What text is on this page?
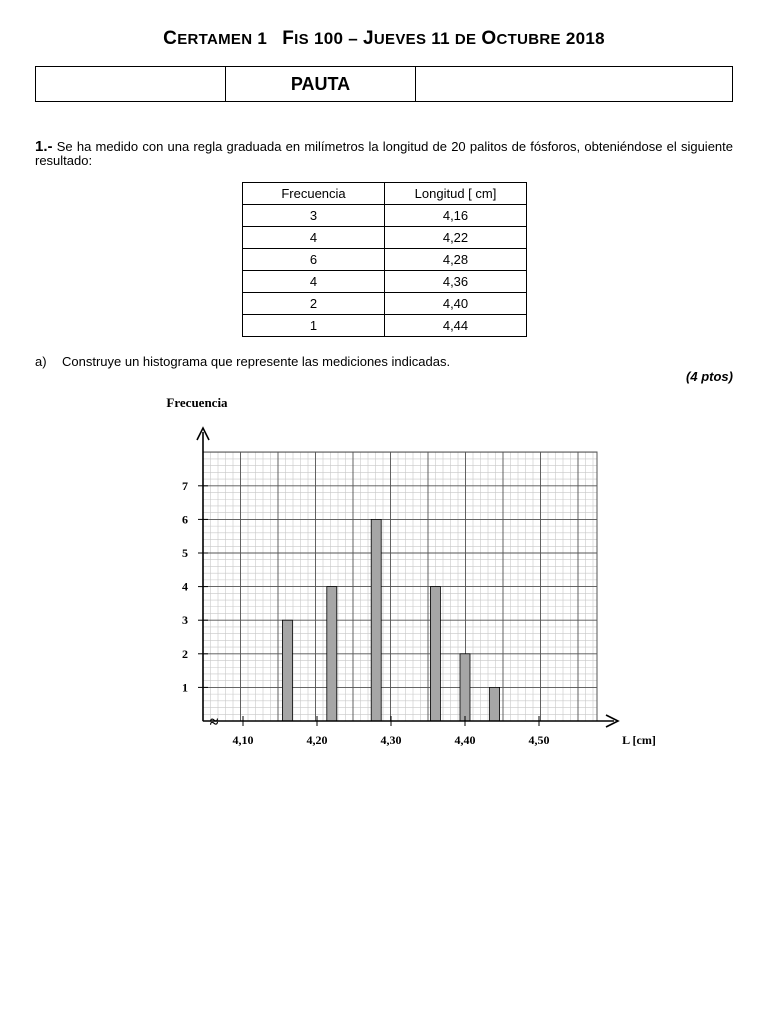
CERTAMEN 1 FIS 100 – JUEVES 11 DE OCTUBRE 2018
	PAUTA	
1.- Se ha medido con una regla graduada en milímetros la longitud de 20 palitos de fósforos, obteniéndose el siguiente resultado:
Frecuencia	Longitud [ cm]
3	4,16
4	4,22
6	4,28
4	4,36
2	4,40
1	4,44
a) Construye un histograma que represente las mediciones indicadas.
(4 ptos)
1
2
3
4
5
6
7
4,10	4,20	4,30	4,40	4,50
≈
Frecuencia
L [cm]
